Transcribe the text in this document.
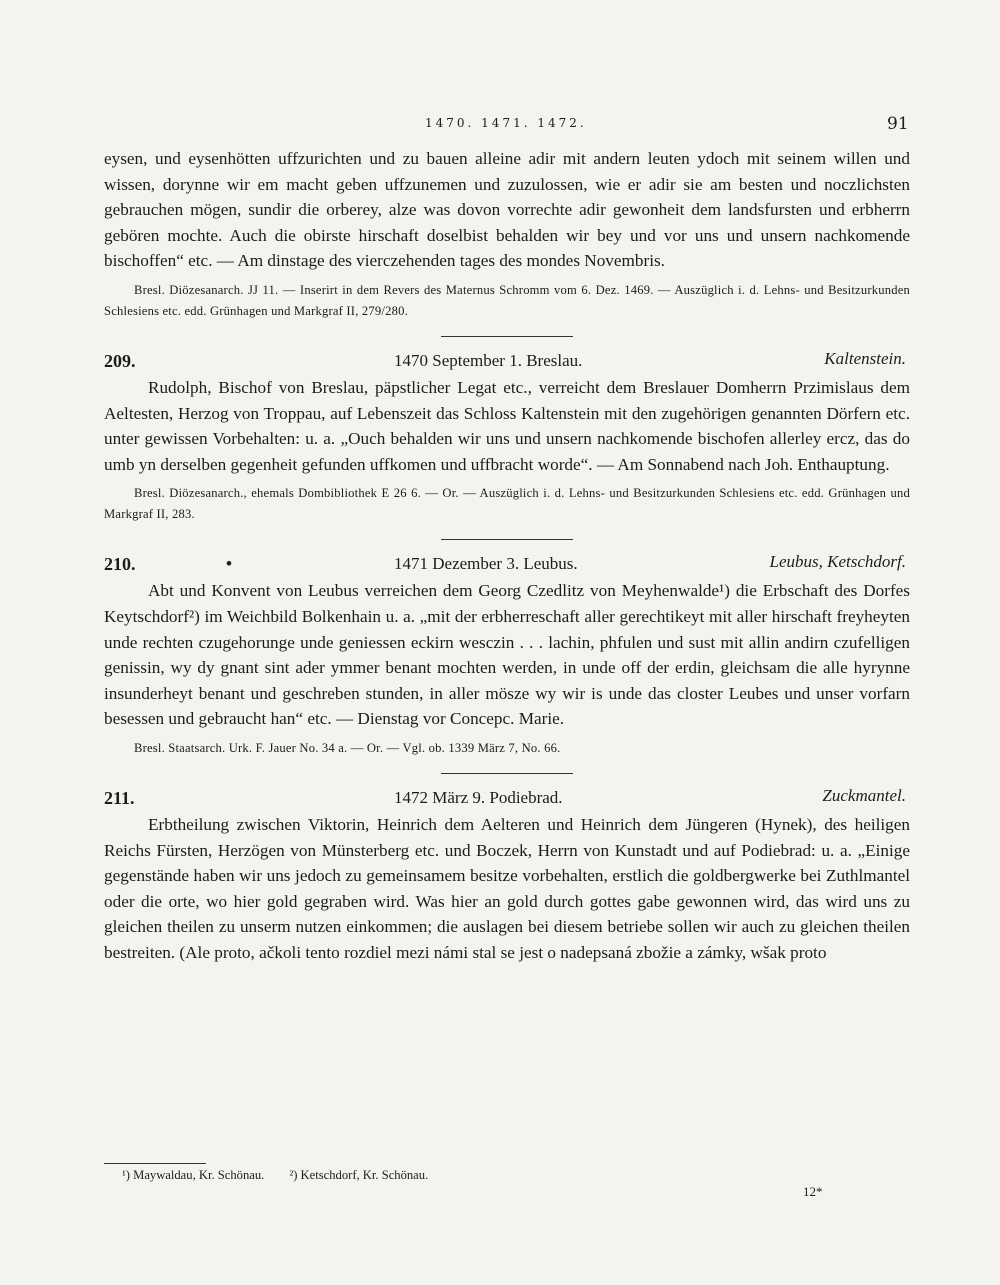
1470. 1471. 1472.	91

eysen, und eysenhötten uffzurichten und zu bauen alleine adir mit andern leuten ydoch mit seinem willen und wissen, dorynne wir em macht geben uffzunemen und zuzulossen, wie er adir sie am besten und noczlichsten gebrauchen mögen, sundir die orberey, alze was dovon vorrechte adir gewonheit dem landsfursten und erbherrn gebören mochte. Auch die obirste hirschaft doselbist behalden wir bey und vor uns und unsern nachkomende bischoffen“ etc. — Am dinstage des vierczehenden tages des mondes Novembris.

Bresl. Diözesanarch. JJ 11. — Inserirt in dem Revers des Maternus Schromm vom 6. Dez. 1469. — Auszüglich i. d. Lehns- und Besitzurkunden Schlesiens etc. edd. Grünhagen und Markgraf II, 279/280.

209.	1470 September 1. Breslau.	Kaltenstein.

Rudolph, Bischof von Breslau, päpstlicher Legat etc., verreicht dem Breslauer Domherrn Przimislaus dem Aeltesten, Herzog von Troppau, auf Lebenszeit das Schloss Kaltenstein mit den zugehörigen genannten Dörfern etc. unter gewissen Vorbehalten: u. a. „Ouch behalden wir uns und unsern nachkomende bischofen allerley ercz, das do umb yn derselben gegenheit gefunden uffkomen und uffbracht worde“. — Am Sonnabend nach Joh. Enthauptung.

Bresl. Diözesanarch., ehemals Dombibliothek E 26 6. — Or. — Auszüglich i. d. Lehns- und Besitzurkunden Schlesiens etc. edd. Grünhagen und Markgraf II, 283.

210.	•	1471 Dezember 3. Leubus.	Leubus, Ketschdorf.

Abt und Konvent von Leubus verreichen dem Georg Czedlitz von Meyhenwalde¹) die Erbschaft des Dorfes Keytschdorf²) im Weichbild Bolkenhain u. a. „mit der erbherreschaft aller gerechtikeyt mit aller hirschaft freyheyten unde rechten czugehorunge unde geniessen eckirn wesczin . . . lachin, phfulen und sust mit allin andirn czufelligen genissin, wy dy gnant sint ader ymmer benant mochten werden, in unde off der erdin, gleichsam die alle hyrynne insunderheyt benant und geschreben stunden, in aller mösze wy wir is unde das closter Leubes und unser vorfarn besessen und gebraucht han“ etc. — Dienstag vor Concepc. Marie.

Bresl. Staatsarch. Urk. F. Jauer No. 34 a. — Or. — Vgl. ob. 1339 März 7, No. 66.

211.	1472 März 9. Podiebrad.	Zuckmantel.

Erbtheilung zwischen Viktorin, Heinrich dem Aelteren und Heinrich dem Jüngeren (Hynek), des heiligen Reichs Fürsten, Herzögen von Münsterberg etc. und Boczek, Herrn von Kunstadt und auf Podiebrad: u. a. „Einige gegenstände haben wir uns jedoch zu gemeinsamem besitze vorbehalten, erstlich die goldbergwerke bei Zuthlmantel oder die orte, wo hier gold gegraben wird. Was hier an gold durch gottes gabe gewonnen wird, das wird uns zu gleichen theilen zu unserm nutzen einkommen; die auslagen bei diesem betriebe sollen wir auch zu gleichen theilen bestreiten. (Ale proto, ačkoli tento rozdiel mezi námi stal se jest o nadepsaná zbožie a zámky, wšak proto

¹) Maywaldau, Kr. Schönau. ²) Ketschdorf, Kr. Schönau.
12*
